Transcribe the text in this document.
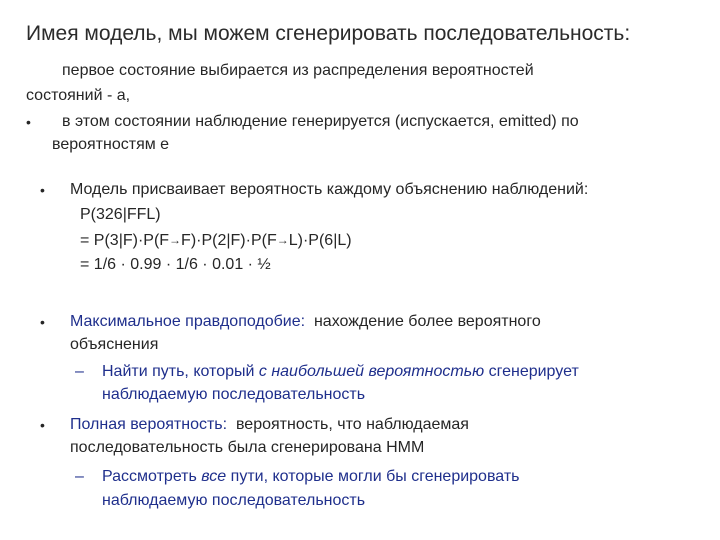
Имея модель, мы можем сгенерировать последовательность:
первое состояние выбирается из распределения вероятностей
состояний - a,
• в этом состоянии наблюдение генерируется (испускается, emitted) по
вероятностям e
• Модель присваивает вероятность каждому объяснению наблюдений:
P(326|FFL)
= P(3|F)·P(F→F)·P(2|F)·P(F→L)·P(6|L)
= 1/6 · 0.99 · 1/6 · 0.01 · ½
• Максимальное правдоподобие: нахождение более вероятного
объяснения
– Найти путь, который с наибольшей вероятностью сгенерирует
наблюдаемую последовательность
• Полная вероятность: вероятность, что наблюдаемая
последовательность была сгенерирована HMM
– Рассмотреть все пути, которые могли бы сгенерировать
наблюдаемую последовательность
